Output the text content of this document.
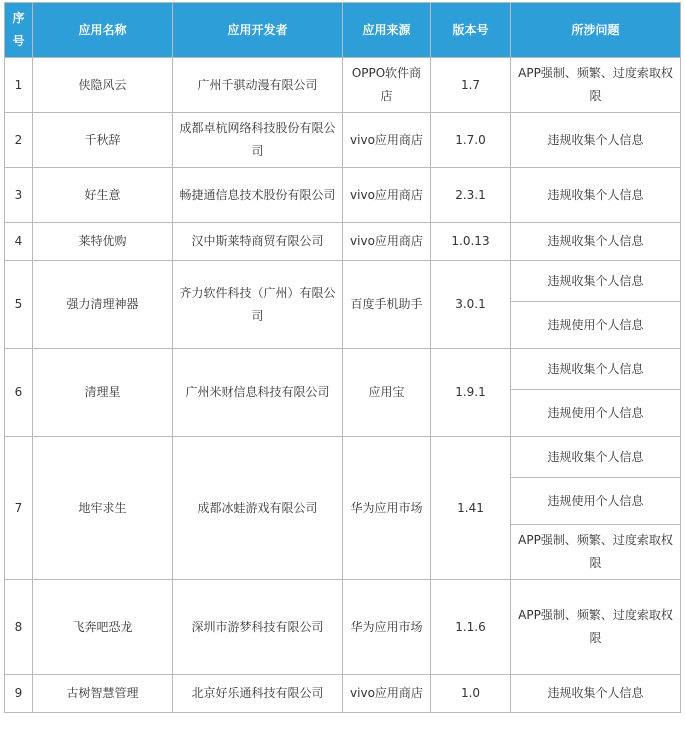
序号	应用名称	应用开发者	应用来源	版本号	所涉问题
1	侠隐风云	广州千骐动漫有限公司	OPPO软件商店	1.7	APP强制、频繁、过度索取权限
2	千秋辞	成都卓杭网络科技股份有限公司	vivo应用商店	1.7.0	违规收集个人信息
3	好生意	畅捷通信息技术股份有限公司	vivo应用商店	2.3.1	违规收集个人信息
4	莱特优购	汉中斯莱特商贸有限公司	vivo应用商店	1.0.13	违规收集个人信息
5	强力清理神器	齐力软件科技（广州）有限公司	百度手机助手	3.0.1	违规收集个人信息
					违规使用个人信息
6	清理星	广州米财信息科技有限公司	应用宝	1.9.1	违规收集个人信息
					违规使用个人信息
7	地牢求生	成都冰蛙游戏有限公司	华为应用市场	1.41	违规收集个人信息
					违规使用个人信息
					APP强制、频繁、过度索取权限
8	飞奔吧恐龙	深圳市游梦科技有限公司	华为应用市场	1.1.6	APP强制、频繁、过度索取权限
9	古树智慧管理	北京好乐通科技有限公司	vivo应用商店	1.0	违规收集个人信息
